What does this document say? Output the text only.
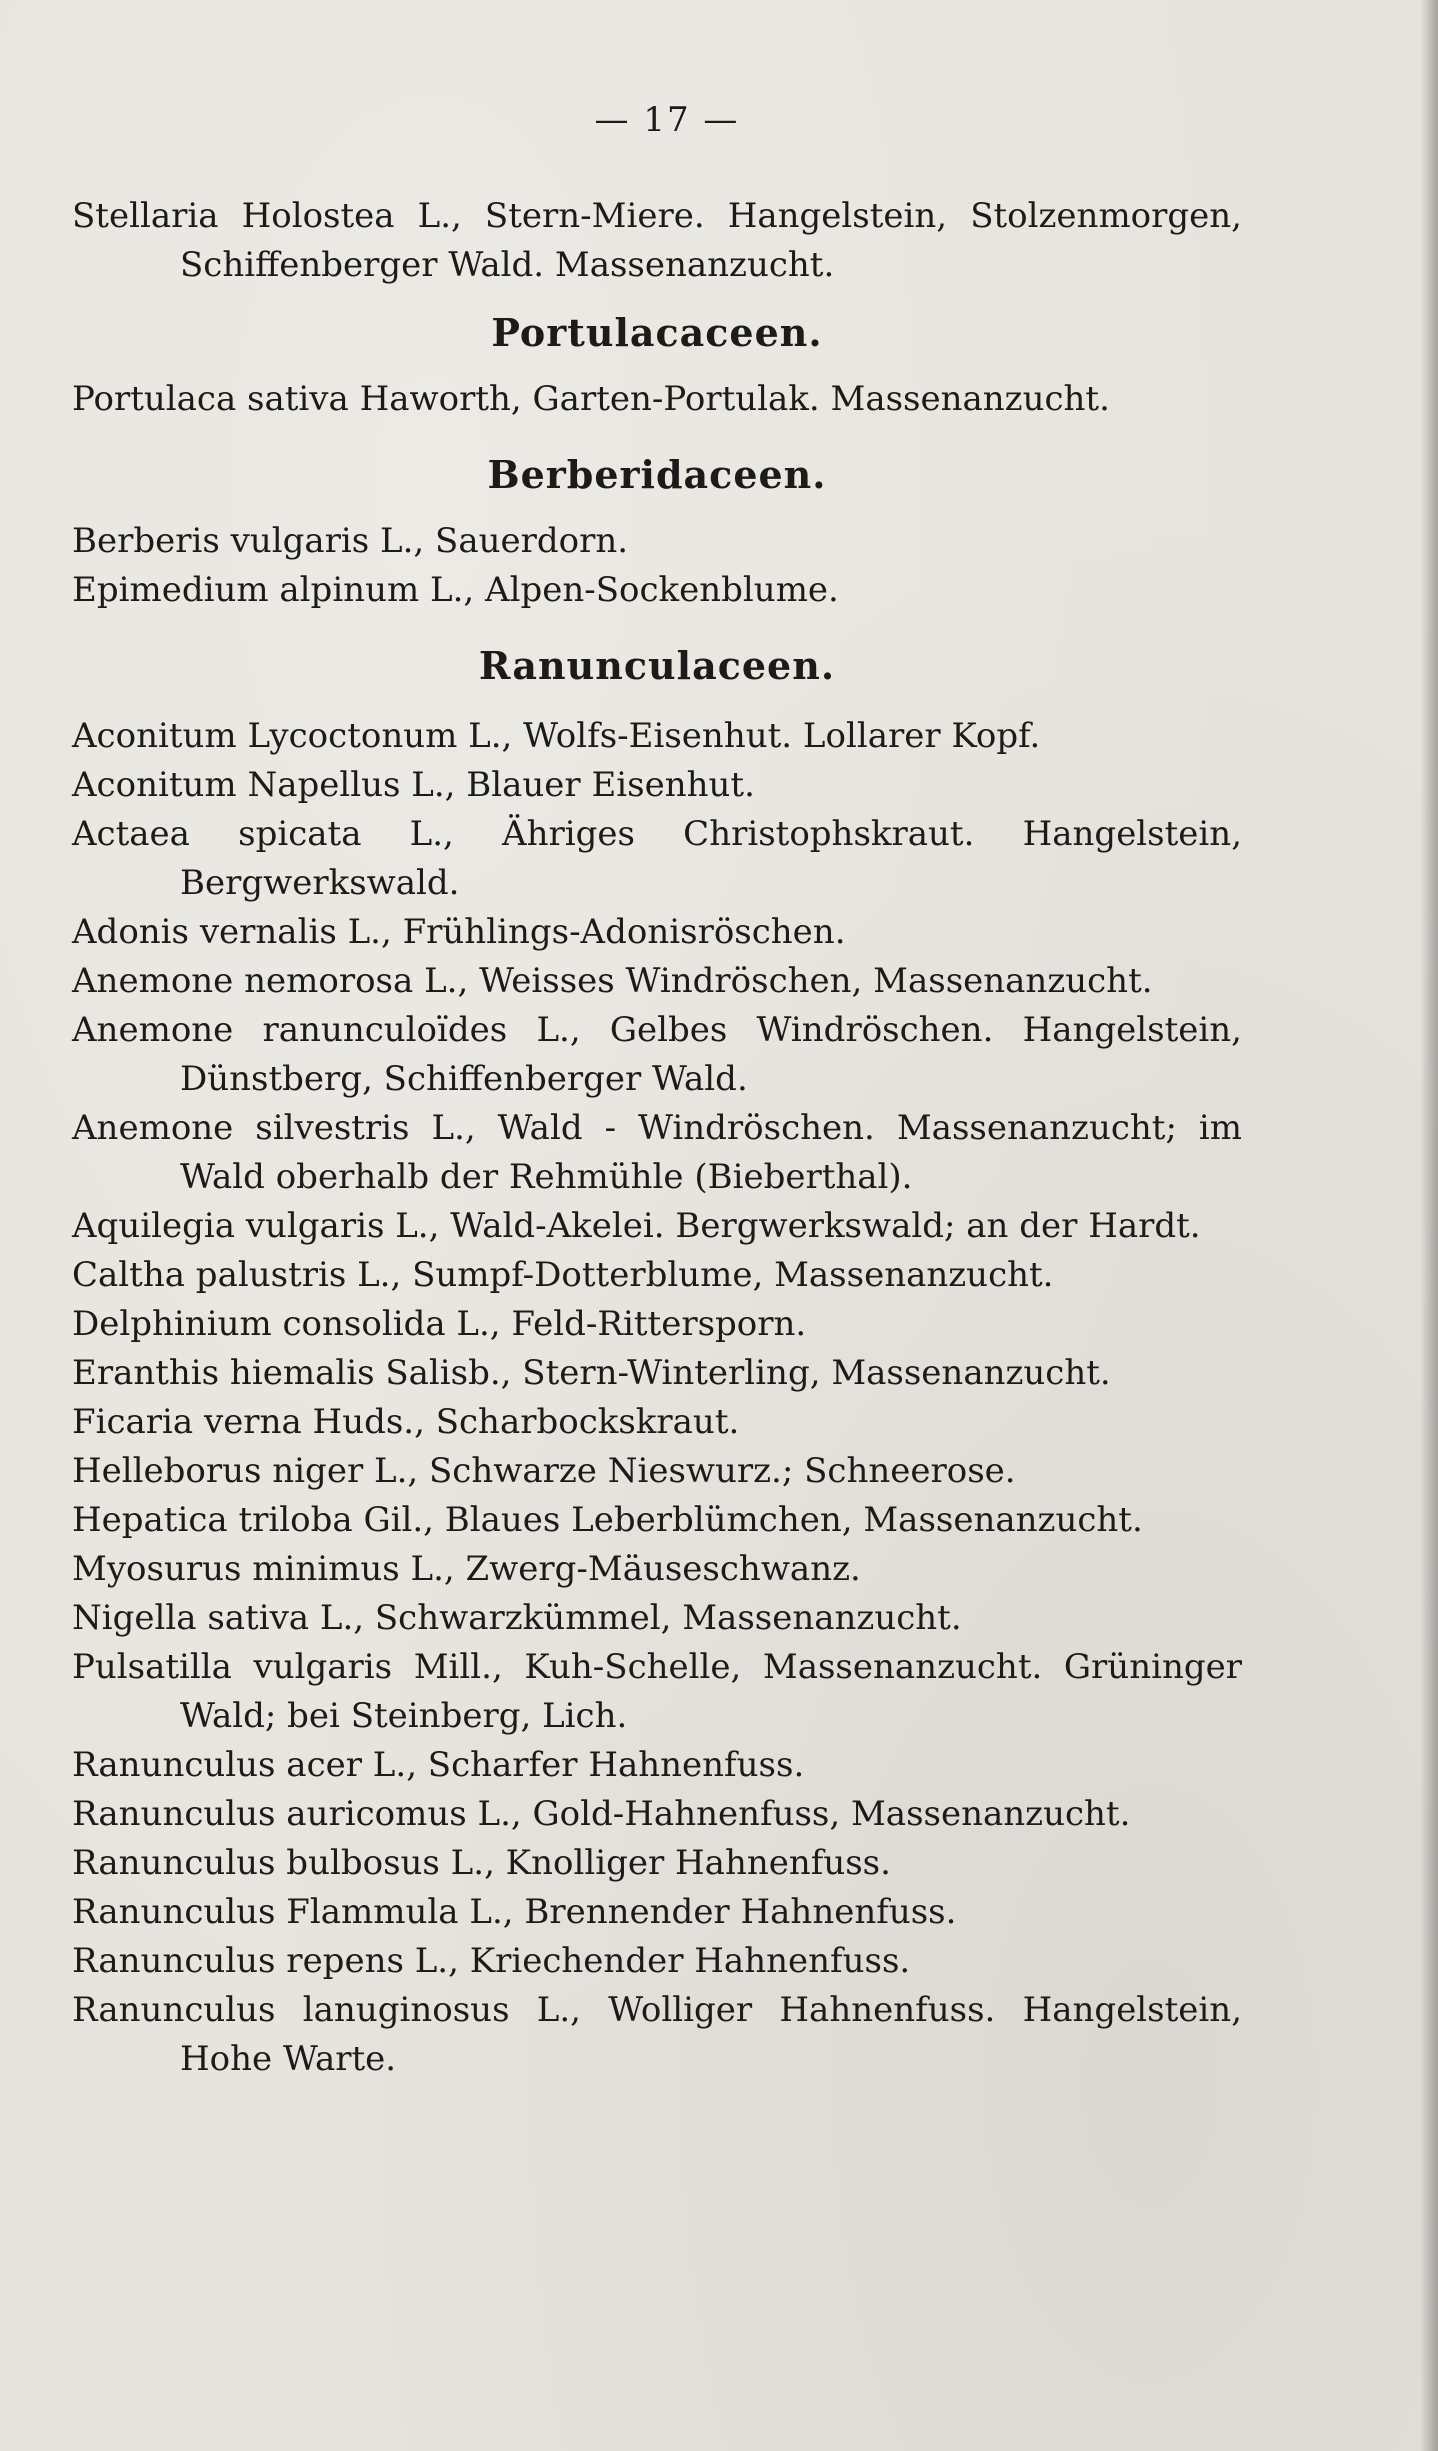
— 17 —
Stellaria Holostea L., Stern-Miere. Hangelstein, Stolzenmorgen, Schiffenberger Wald. Massenanzucht.
Portulacaceen.
Portulaca sativa Haworth, Garten-Portulak. Massenanzucht.
Berberidaceen.
Berberis vulgaris L., Sauerdorn.
Epimedium alpinum L., Alpen-Sockenblume.
Ranunculaceen.
Aconitum Lycoctonum L., Wolfs-Eisenhut. Lollarer Kopf.
Aconitum Napellus L., Blauer Eisenhut.
Actaea spicata L., Ähriges Christophskraut. Hangelstein, Bergwerkswald.
Adonis vernalis L., Frühlings-Adonisröschen.
Anemone nemorosa L., Weisses Windröschen, Massenanzucht.
Anemone ranunculoïdes L., Gelbes Windröschen. Hangelstein, Dünstberg, Schiffenberger Wald.
Anemone silvestris L., Wald - Windröschen. Massenanzucht; im Wald oberhalb der Rehmühle (Bieberthal).
Aquilegia vulgaris L., Wald-Akelei. Bergwerkswald; an der Hardt.
Caltha palustris L., Sumpf-Dotterblume, Massenanzucht.
Delphinium consolida L., Feld-Rittersporn.
Eranthis hiemalis Salisb., Stern-Winterling, Massenanzucht.
Ficaria verna Huds., Scharbockskraut.
Helleborus niger L., Schwarze Nieswurz.; Schneerose.
Hepatica triloba Gil., Blaues Leberblümchen, Massenanzucht.
Myosurus minimus L., Zwerg-Mäuseschwanz.
Nigella sativa L., Schwarzkümmel, Massenanzucht.
Pulsatilla vulgaris Mill., Kuh-Schelle, Massenanzucht. Grüninger Wald; bei Steinberg, Lich.
Ranunculus acer L., Scharfer Hahnenfuss.
Ranunculus auricomus L., Gold-Hahnenfuss, Massenanzucht.
Ranunculus bulbosus L., Knolliger Hahnenfuss.
Ranunculus Flammula L., Brennender Hahnenfuss.
Ranunculus repens L., Kriechender Hahnenfuss.
Ranunculus lanuginosus L., Wolliger Hahnenfuss. Hangelstein, Hohe Warte.
